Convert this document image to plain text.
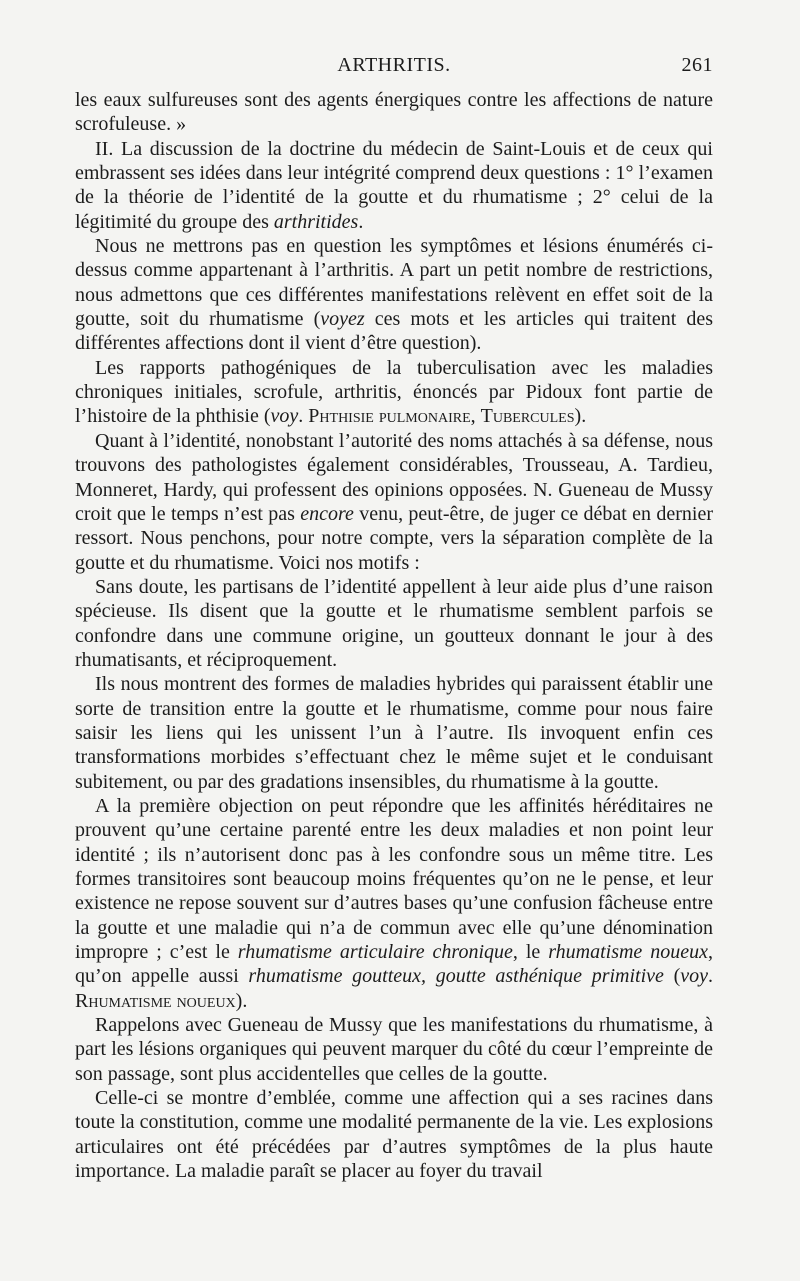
ARTHRITIS.	261

les eaux sulfureuses sont des agents énergiques contre les affections de nature scrofuleuse. »

II. La discussion de la doctrine du médecin de Saint-Louis et de ceux qui embrassent ses idées dans leur intégrité comprend deux questions : 1° l’examen de la théorie de l’identité de la goutte et du rhumatisme ; 2° celui de la légitimité du groupe des arthritides.

Nous ne mettrons pas en question les symptômes et lésions énumérés ci-dessus comme appartenant à l’arthritis. A part un petit nombre de restrictions, nous admettons que ces différentes manifestations relèvent en effet soit de la goutte, soit du rhumatisme (voyez ces mots et les articles qui traitent des différentes affections dont il vient d’être question).

Les rapports pathogéniques de la tuberculisation avec les maladies chroniques initiales, scrofule, arthritis, énoncés par Pidoux font partie de l’histoire de la phthisie (voy. Phthisie pulmonaire, Tubercules).

Quant à l’identité, nonobstant l’autorité des noms attachés à sa défense, nous trouvons des pathologistes également considérables, Trousseau, A. Tardieu, Monneret, Hardy, qui professent des opinions opposées. N. Gueneau de Mussy croit que le temps n’est pas encore venu, peut-être, de juger ce débat en dernier ressort. Nous penchons, pour notre compte, vers la séparation complète de la goutte et du rhumatisme. Voici nos motifs :

Sans doute, les partisans de l’identité appellent à leur aide plus d’une raison spécieuse. Ils disent que la goutte et le rhumatisme semblent parfois se confondre dans une commune origine, un goutteux donnant le jour à des rhumatisants, et réciproquement.

Ils nous montrent des formes de maladies hybrides qui paraissent établir une sorte de transition entre la goutte et le rhumatisme, comme pour nous faire saisir les liens qui les unissent l’un à l’autre. Ils invoquent enfin ces transformations morbides s’effectuant chez le même sujet et le conduisant subitement, ou par des gradations insensibles, du rhumatisme à la goutte.

A la première objection on peut répondre que les affinités héréditaires ne prouvent qu’une certaine parenté entre les deux maladies et non point leur identité ; ils n’autorisent donc pas à les confondre sous un même titre. Les formes transitoires sont beaucoup moins fréquentes qu’on ne le pense, et leur existence ne repose souvent sur d’autres bases qu’une confusion fâcheuse entre la goutte et une maladie qui n’a de commun avec elle qu’une dénomination impropre ; c’est le rhumatisme articulaire chronique, le rhumatisme noueux, qu’on appelle aussi rhumatisme goutteux, goutte asthénique primitive (voy. Rhumatisme noueux).

Rappelons avec Gueneau de Mussy que les manifestations du rhumatisme, à part les lésions organiques qui peuvent marquer du côté du cœur l’empreinte de son passage, sont plus accidentelles que celles de la goutte.

Celle-ci se montre d’emblée, comme une affection qui a ses racines dans toute la constitution, comme une modalité permanente de la vie. Les explosions articulaires ont été précédées par d’autres symptômes de la plus haute importance. La maladie paraît se placer au foyer du travail
